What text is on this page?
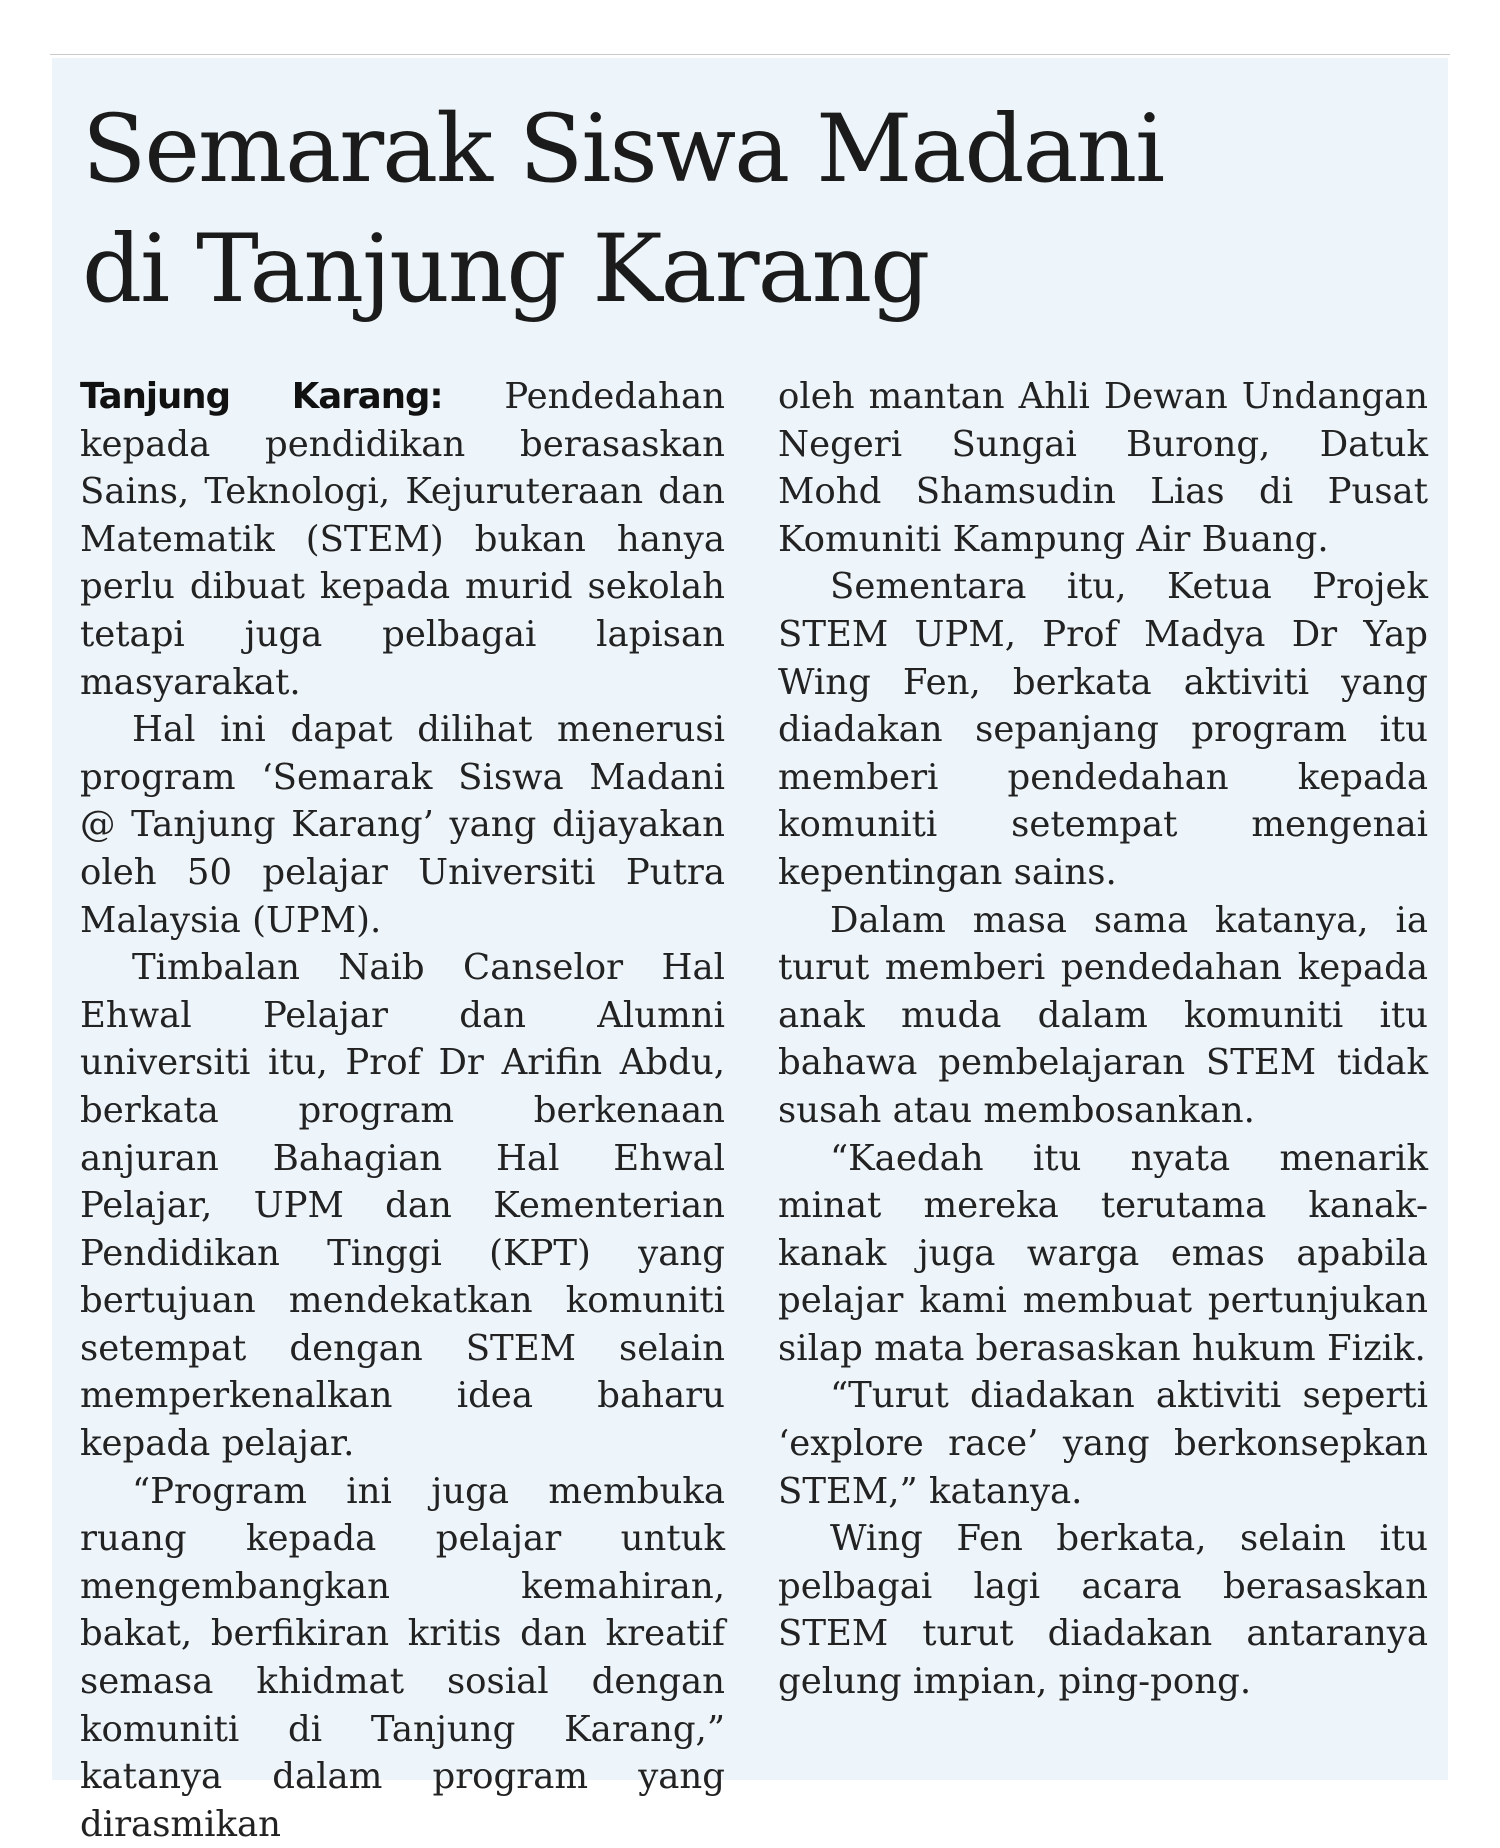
Semarak Siswa Madani
di Tanjung Karang

Tanjung Karang: Pendedahan kepada pendidikan berasaskan Sains, Teknologi, Kejuruteraan dan Matematik (STEM) bukan hanya perlu dibuat kepada murid sekolah tetapi juga pelbagai lapisan masyarakat.

Hal ini dapat dilihat menerusi program ‘Semarak Siswa Madani @ Tanjung Karang’ yang dijayakan oleh 50 pelajar Universiti Putra Malaysia (UPM).

Timbalan Naib Canselor Hal Ehwal Pelajar dan Alumni universiti itu, Prof Dr Arifin Abdu, berkata program berkenaan anjuran Bahagian Hal Ehwal Pelajar, UPM dan Kementerian Pendidikan Tinggi (KPT) yang bertujuan mendekatkan komuniti setempat dengan STEM selain memperkenalkan idea baharu kepada pelajar.

“Program ini juga membuka ruang kepada pelajar untuk mengembangkan kemahiran, bakat, berfikiran kritis dan kreatif semasa khidmat sosial dengan komuniti di Tanjung Karang,” katanya dalam program yang dirasmikan

oleh mantan Ahli Dewan Undangan Negeri Sungai Burong, Datuk Mohd Shamsudin Lias di Pusat Komuniti Kampung Air Buang.

Sementara itu, Ketua Projek STEM UPM, Prof Madya Dr Yap Wing Fen, berkata aktiviti yang diadakan sepanjang program itu memberi pendedahan kepada komuniti setempat mengenai kepentingan sains.

Dalam masa sama katanya, ia turut memberi pendedahan kepada anak muda dalam komuniti itu bahawa pembelajaran STEM tidak susah atau membosankan.

“Kaedah itu nyata menarik minat mereka terutama kanak-kanak juga warga emas apabila pelajar kami membuat pertunjukan silap mata berasaskan hukum Fizik.

“Turut diadakan aktiviti seperti ‘explore race’ yang berkonsepkan STEM,” katanya.

Wing Fen berkata, selain itu pelbagai lagi acara berasaskan STEM turut diadakan antaranya gelung impian, ping-pong.
